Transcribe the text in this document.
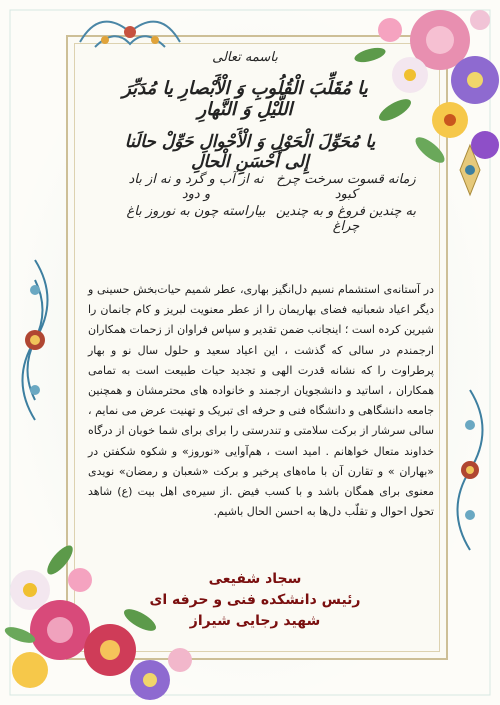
باسمه تعالی
یا مُقَلِّبَ الْقُلُوبِ وَ الْأَبْصارِ یا مُدَبِّرَ اللَّیْلِ وَ النَّهارِ
یا مُحَوِّلَ الْحَوْلِ وَ الْأَحْوالِ حَوِّلْ حالَنا إِلی أَحْسَنِ الْحالِ
زمانه قسوت سرخت چرخ کبود
نه از آب و گرد و نه از باد و دود
به چندین فروغ و به چندین چراغ
بیاراسته چون به نوروز باغ
در آستانه‌ی استشمام نسیم دل‌انگیز بهاری، عطر شمیم حیات‌بخش حسینی و دیگر اعیاد شعبانیه فضای بهاریمان را از عطر معنویت لبریز و کام جانمان را شیرین کرده است ؛ اینجانب ضمن تقدیر و سپاس فراوان از زحمات همکاران ارجمندم در سالی که گذشت ، این اعیاد سعید و حلول سال نو و بهار پرطراوت را که نشانه قدرت الهی و تجدید حیات طبیعت است به تمامی همکاران ، اساتید و دانشجویان ارجمند و خانواده های محترمشان و همچنین جامعه دانشگاهی و دانشگاه فنی و حرفه ای تبریک و تهنیت عرض می نمایم ، سالی سرشار از برکت سلامتی و تندرستی را برای برای شما خوبان از درگاه خداوند متعال خواهانم . امید است ، هم‌آوایی «نوروز» و شکوه شکفتن در «بهاران » و تقارن آن با ماه‌های پرخیر و برکت «شعبان و رمضان» نویدی معنوی برای همگان باشد و با کسب فیض .از سیره‌ی اهل بیت (ع) شاهد تحول احوال و تقلّب دل‌ها به احسن الحال باشیم.
سجاد شفیعی
رئیس دانشکده فنی و حرفه ای
شهید رجایی شیراز
